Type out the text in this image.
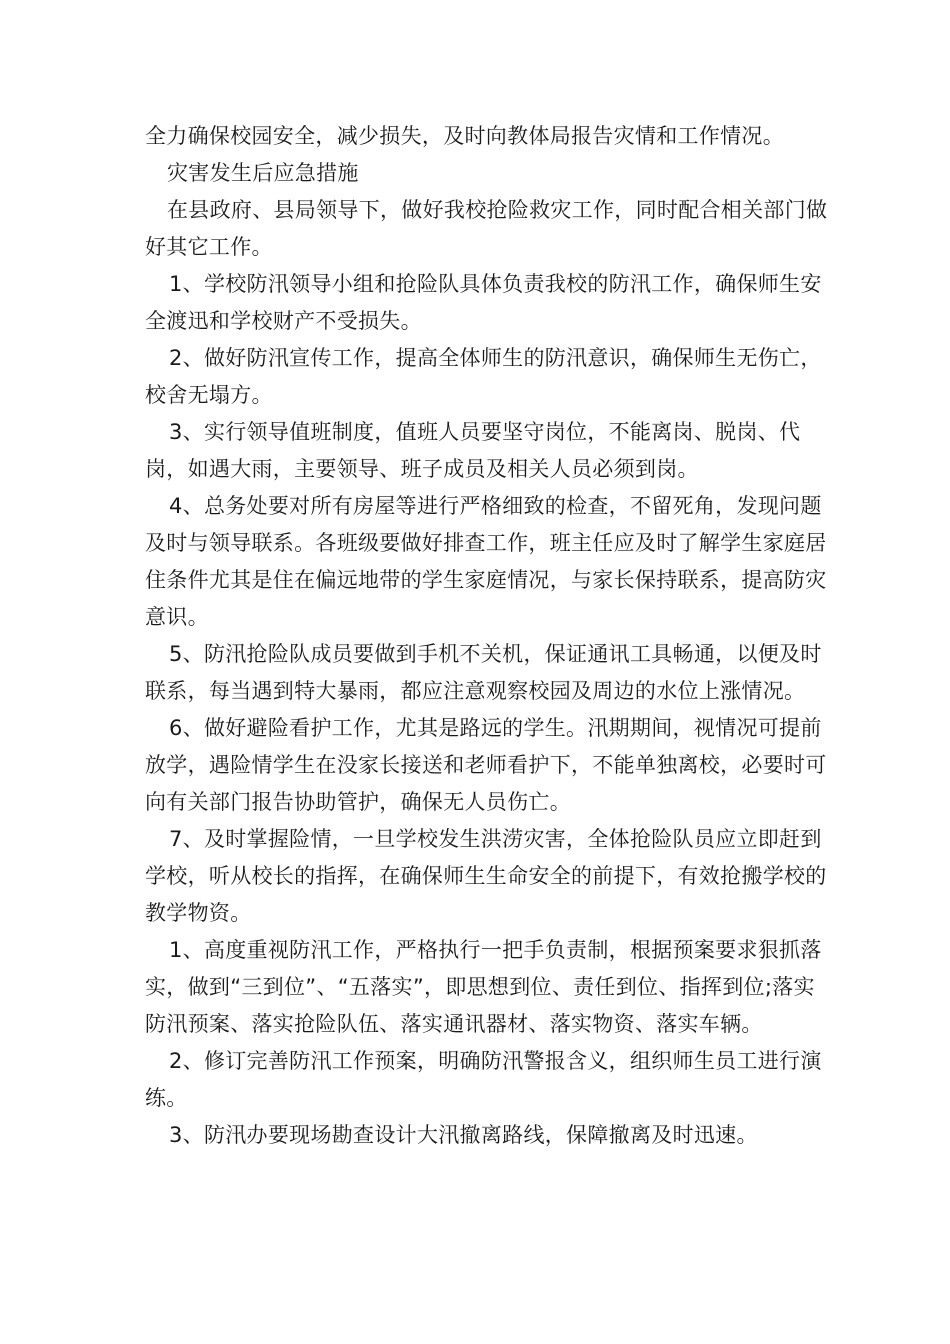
全力确保校园安全，减少损失，及时向教体局报告灾情和工作情况。

灾害发生后应急措施

在县政府、县局领导下，做好我校抢险救灾工作，同时配合相关部门做好其它工作。

1、学校防汛领导小组和抢险队具体负责我校的防汛工作，确保师生安全渡迅和学校财产不受损失。

2、做好防汛宣传工作，提高全体师生的防汛意识，确保师生无伤亡，校舍无塌方。

3、实行领导值班制度，值班人员要坚守岗位，不能离岗、脱岗、代岗，如遇大雨，主要领导、班子成员及相关人员必须到岗。

4、总务处要对所有房屋等进行严格细致的检查，不留死角，发现问题及时与领导联系。各班级要做好排查工作，班主任应及时了解学生家庭居住条件尤其是住在偏远地带的学生家庭情况，与家长保持联系，提高防灾意识。

5、防汛抢险队成员要做到手机不关机，保证通讯工具畅通，以便及时联系，每当遇到特大暴雨，都应注意观察校园及周边的水位上涨情况。

6、做好避险看护工作，尤其是路远的学生。汛期期间，视情况可提前放学，遇险情学生在没家长接送和老师看护下，不能单独离校，必要时可向有关部门报告协助管护，确保无人员伤亡。

7、及时掌握险情，一旦学校发生洪涝灾害，全体抢险队员应立即赶到学校，听从校长的指挥，在确保师生生命安全的前提下，有效抢搬学校的教学物资。

1、高度重视防汛工作，严格执行一把手负责制，根据预案要求狠抓落实，做到“三到位”、“五落实”，即思想到位、责任到位、指挥到位;落实防汛预案、落实抢险队伍、落实通讯器材、落实物资、落实车辆。

2、修订完善防汛工作预案，明确防汛警报含义，组织师生员工进行演练。

3、防汛办要现场勘查设计大汛撤离路线，保障撤离及时迅速。
